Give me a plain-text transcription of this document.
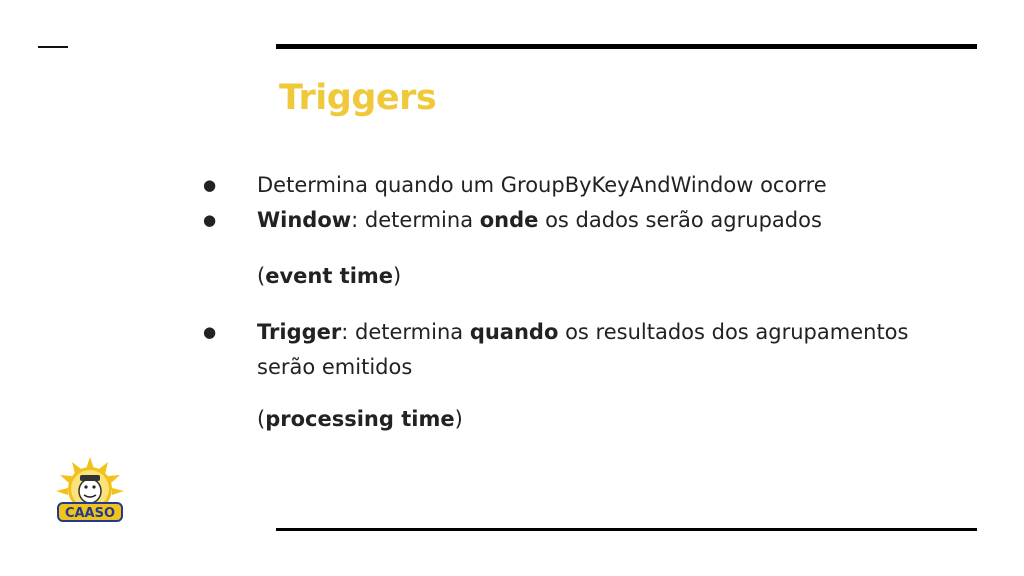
Triggers
●	Determina quando um GroupByKeyAndWindow ocorre
●	Window: determina onde os dados serão agrupados
(event time)
●	Trigger: determina quando os resultados dos agrupamentos serão emitidos
(processing time)
CAASO
